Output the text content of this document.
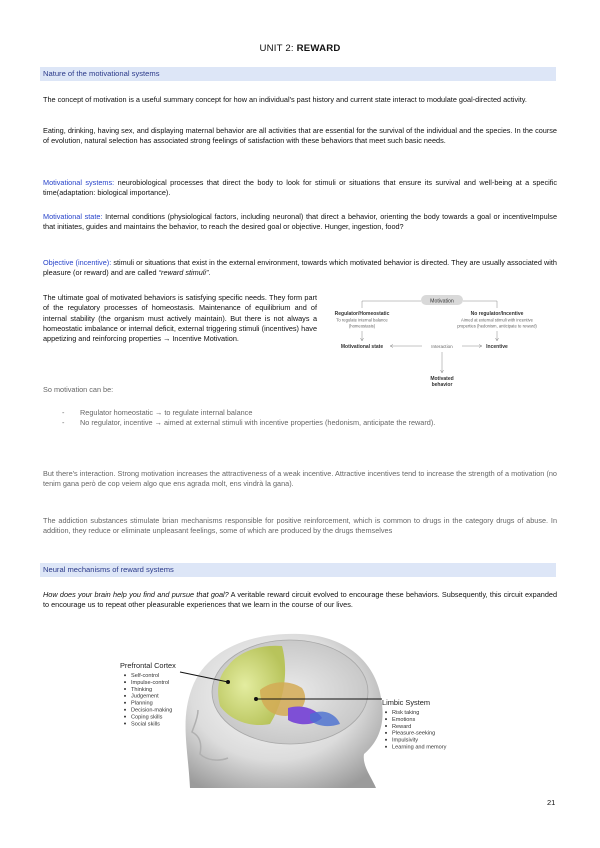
UNIT 2: REWARD
Nature of the motivational systems
The concept of motivation is a useful summary concept for how an individual's past history and current state interact to modulate goal-directed activity.
Eating, drinking, having sex, and displaying maternal behavior are all activities that are essential for the survival of the individual and the species. In the course of evolution, natural selection has associated strong feelings of satisfaction with these behaviors that meet such basic needs.
Motivational systems: neurobiological processes that direct the body to look for stimuli or situations that ensure its survival and well-being at a specific time(adaptation: biological importance).
Motivational state: Internal conditions (physiological factors, including neuronal) that direct a behavior, orienting the body towards a goal or incentiveImpulse that initiates, guides and maintains the behavior, to reach the desired goal or objective. Hunger, ingestion, food?
Objective (incentive): stimuli or situations that exist in the external environment, towards which motivated behavior is directed. They are usually associated with pleasure (or reward) and are called “reward stimuli”.
The ultimate goal of motivated behaviors is satisfying specific needs. They form part of the regulatory processes of homeostasis. Maintenance of equilibrium and of internal stability (the organism must actively maintain). But there is not always a homeostatic imbalance or internal deficit, external triggering stimuli (incentives) have appetizing and reinforcing properties → Incentive Motivation.
Motivation
Regulator/Homeostatic
To regulate internal balance
(homeostasis)
No regulator/Incentive
Aimed at external stimuli with incentive
properties (hedonism, anticipate te reward)
Motivational state	Interaction	Incentive
Motivated
behavior
So motivation can be:
- Regulator homeostatic → to regulate internal balance
- No regulator, incentive → aimed at external stimuli with incentive properties (hedonism, anticipate the reward).
But there's interaction. Strong motivation increases the attractiveness of a weak incentive. Attractive incentives tend to increase the strength of a motivation (no tenim gana però de cop veiem algo que ens agrada molt, ens vindrà la gana).
The addiction substances stimulate brian mechanisms responsible for positive reinforcement, which is common to drugs in the category drugs of abuse. In addition, they reduce or eliminate unpleasant feelings, some of which are produced by the drugs themselves
Neural mechanisms of reward systems
How does your brain help you find and pursue that goal? A veritable reward circuit evolved to encourage these behaviors. Subsequently, this circuit expanded to encourage us to repeat other pleasurable experiences that we learn in the course of our lives.
Prefrontal Cortex
Self-control
Impulse-control
Thinking
Judgement
Planning
Decision-making
Coping skills
Social skills
Limbic System
Risk taking
Emotions
Reward
Pleasure-seeking
Impulsivity
Learning and memory
21
